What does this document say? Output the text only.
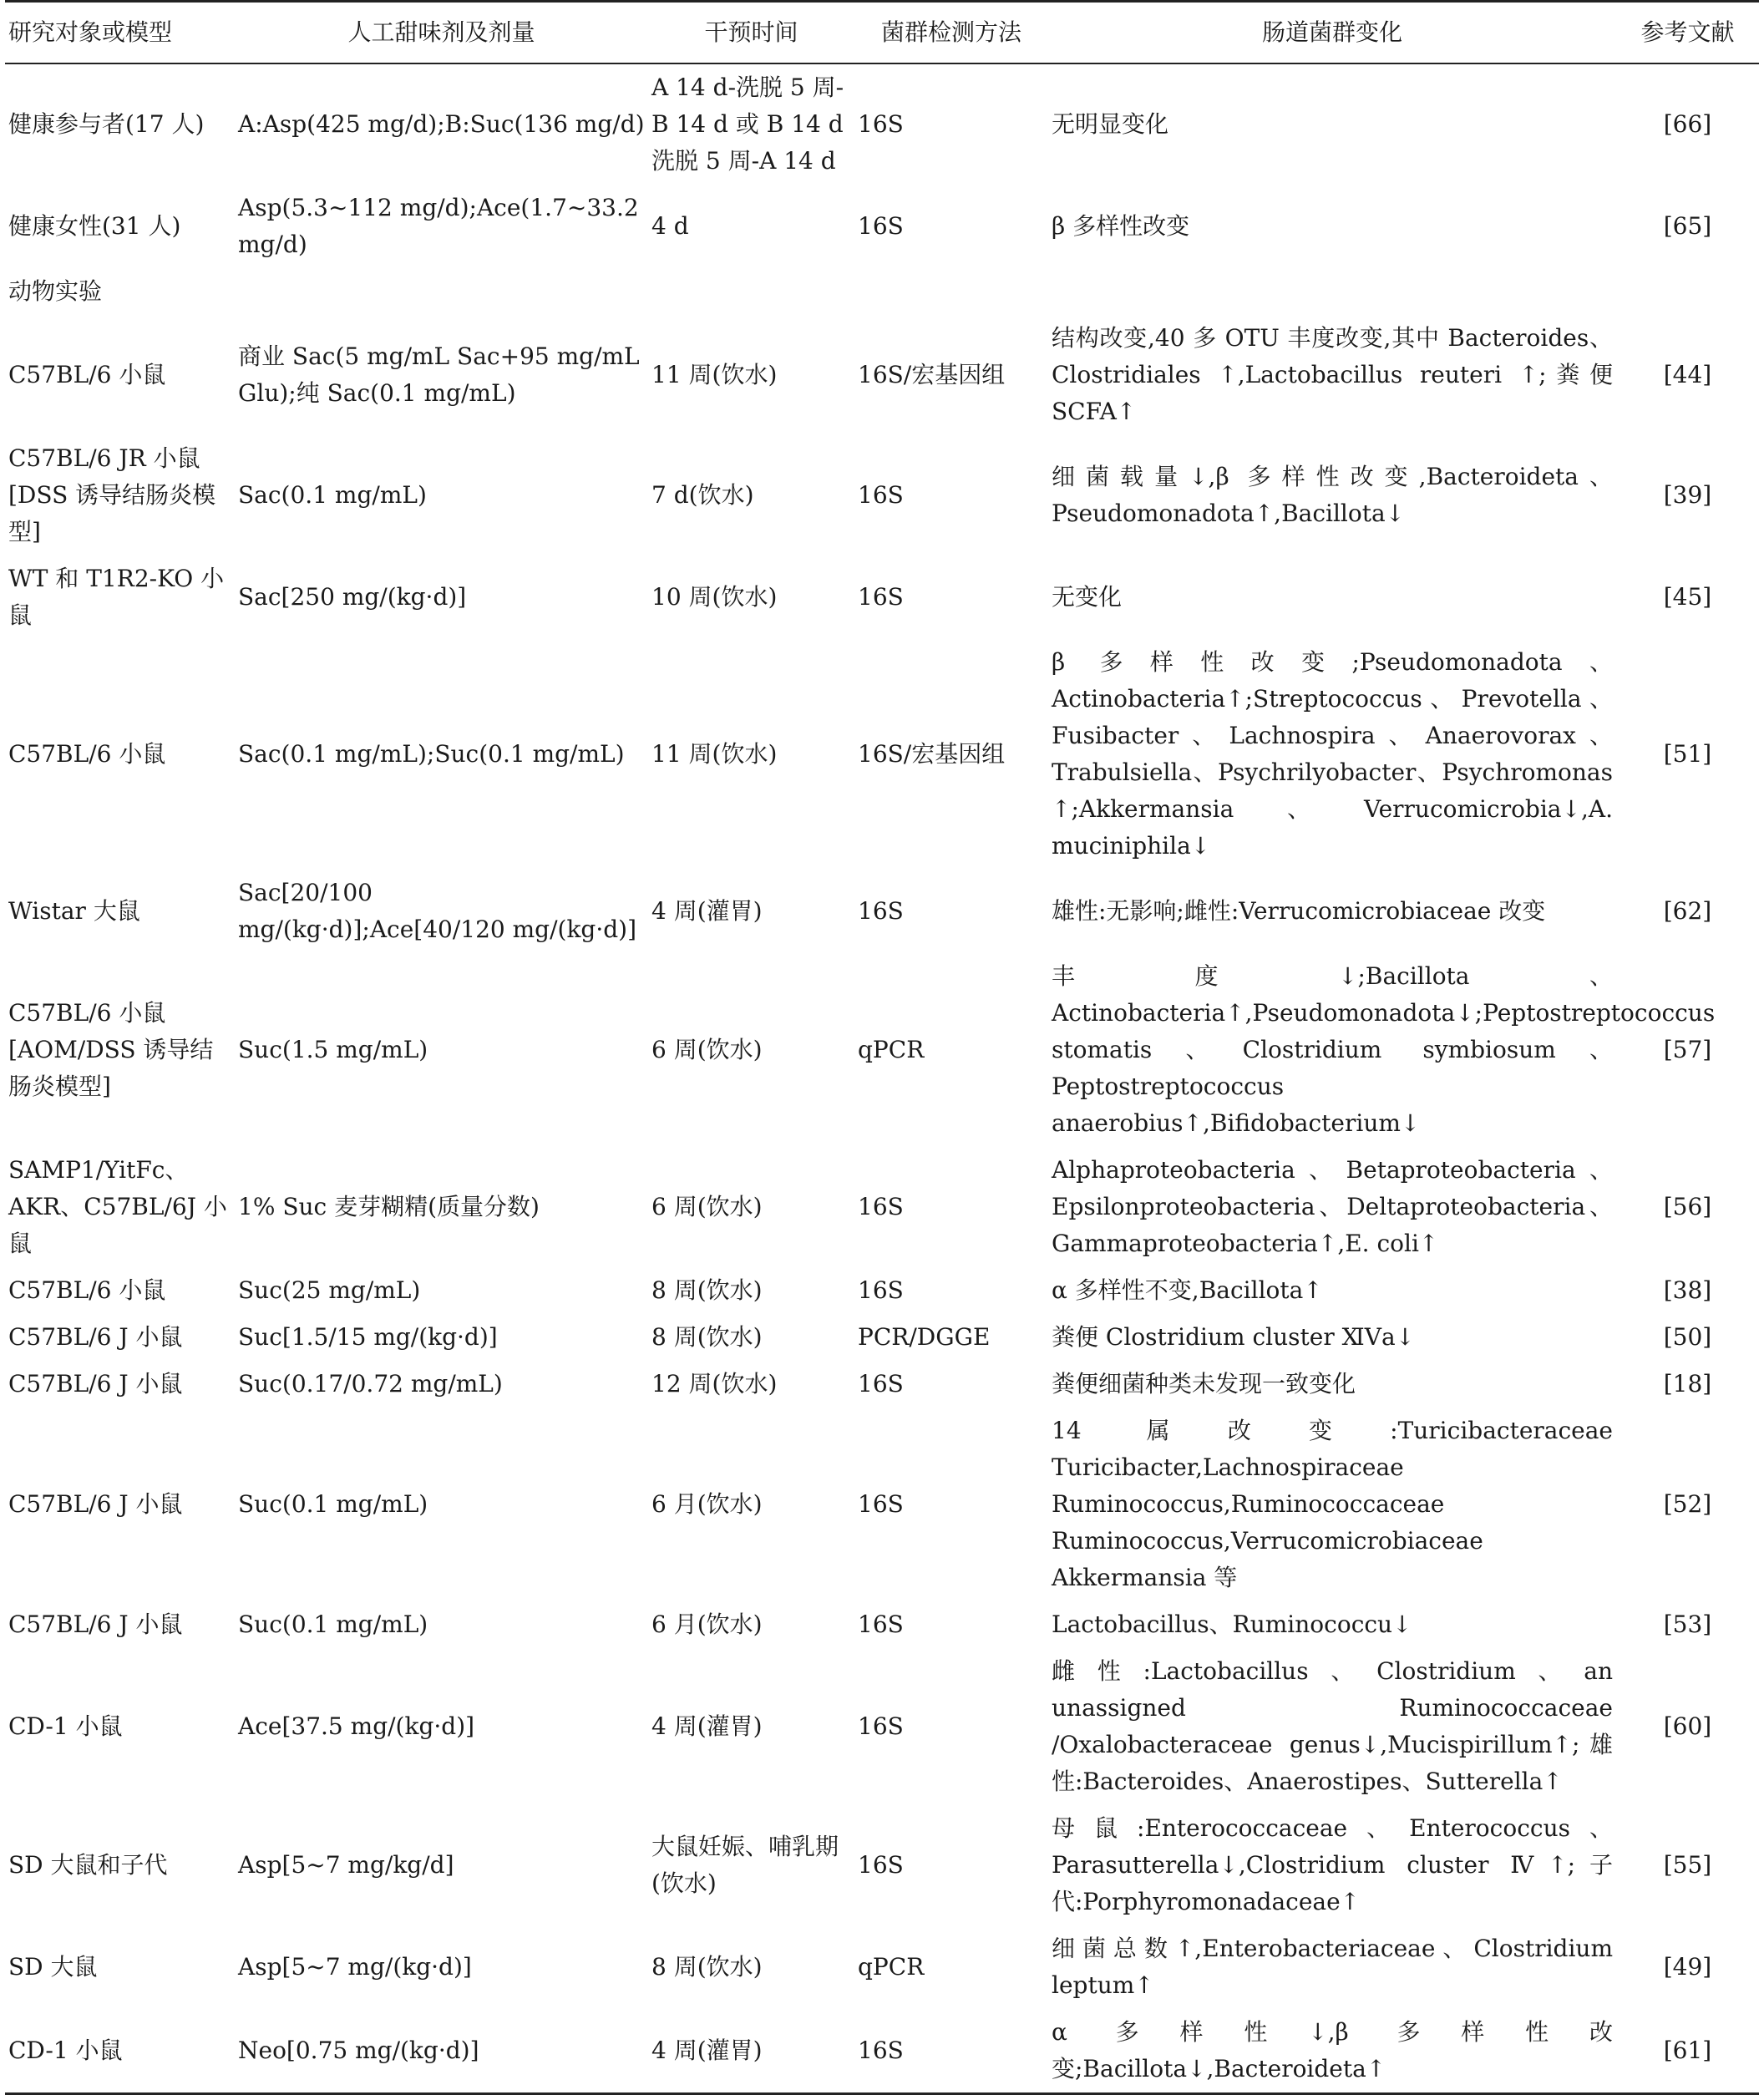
研究对象或模型	人工甜味剂及剂量	干预时间	菌群检测方法	肠道菌群变化	参考文献
健康参与者(17 人)	A:Asp(425 mg/d);B:Suc(136 mg/d)	A 14 d-洗脱 5 周-B 14 d 或 B 14 d 洗脱 5 周-A 14 d	16S	无明显变化	[66]
健康女性(31 人)	Asp(5.3~112 mg/d);Ace(1.7~33.2 mg/d)	4 d	16S	β 多样性改变	[65]
动物实验					
C57BL/6 小鼠	商业 Sac(5 mg/mL Sac+95 mg/mL Glu);纯 Sac(0.1 mg/mL)	11 周(饮水)	16S/宏基因组	结构改变,40 多 OTU 丰度改变,其中 Bacteroides、Clostridiales ↑,Lactobacillus reuteri ↑;粪便 SCFA↑	[44]
C57BL/6 JR 小鼠[DSS 诱导结肠炎模型]	Sac(0.1 mg/mL)	7 d(饮水)	16S	细菌载量↓,β 多样性改变,Bacteroideta、Pseudomonadota↑,Bacillota↓	[39]
WT 和 T1R2-KO 小鼠	Sac[250 mg/(kg·d)]	10 周(饮水)	16S	无变化	[45]
C57BL/6 小鼠	Sac(0.1 mg/mL);Suc(0.1 mg/mL)	11 周(饮水)	16S/宏基因组	β 多样性改变;Pseudomonadota、Actinobacteria↑;Streptococcus、Prevotella、Fusibacter、Lachnospira、Anaerovorax、Trabulsiella、Psychrilyobacter、Psychromonas ↑;Akkermansia、Verrucomicrobia↓,A. muciniphila↓	[51]
Wistar 大鼠	Sac[20/100 mg/(kg·d)];Ace[40/120 mg/(kg·d)]	4 周(灌胃)	16S	雄性:无影响;雌性:Verrucomicrobiaceae 改变	[62]
C57BL/6 小鼠[AOM/DSS 诱导结肠炎模型]	Suc(1.5 mg/mL)	6 周(饮水)	qPCR	丰度↓;Bacillota、Actinobacteria↑,Pseudomonadota↓;Peptostreptococcus stomatis、Clostridium symbiosum、Peptostreptococcus anaerobius↑,Bifidobacterium↓	[57]
SAMP1/YitFc、AKR、C57BL/6J 小鼠	1% Suc 麦芽糊精(质量分数)	6 周(饮水)	16S	Alphaproteobacteria、Betaproteobacteria、Epsilonproteobacteria、Deltaproteobacteria、Gammaproteobacteria↑,E. coli↑	[56]
C57BL/6 小鼠	Suc(25 mg/mL)	8 周(饮水)	16S	α 多样性不变,Bacillota↑	[38]
C57BL/6 J 小鼠	Suc[1.5/15 mg/(kg·d)]	8 周(饮水)	PCR/DGGE	粪便 Clostridium cluster ⅪⅤa↓	[50]
C57BL/6 J 小鼠	Suc(0.17/0.72 mg/mL)	12 周(饮水)	16S	粪便细菌种类未发现一致变化	[18]
C57BL/6 J 小鼠	Suc(0.1 mg/mL)	6 月(饮水)	16S	14 属改变:Turicibacteraceae Turicibacter,Lachnospiraceae Ruminococcus,Ruminococcaceae Ruminococcus,Verrucomicrobiaceae Akkermansia 等	[52]
C57BL/6 J 小鼠	Suc(0.1 mg/mL)	6 月(饮水)	16S	Lactobacillus、Ruminococcu↓	[53]
CD-1 小鼠	Ace[37.5 mg/(kg·d)]	4 周(灌胃)	16S	雌性:Lactobacillus、Clostridium、an unassigned Ruminococcaceae /Oxalobacteraceae genus↓,Mucispirillum↑;雄性:Bacteroides、Anaerostipes、Sutterella↑	[60]
SD 大鼠和子代	Asp[5~7 mg/kg/d]	大鼠妊娠、哺乳期(饮水)	16S	母鼠:Enterococcaceae、Enterococcus、Parasutterella↓,Clostridium cluster Ⅳ↑;子代:Porphyromonadaceae↑	[55]
SD 大鼠	Asp[5~7 mg/(kg·d)]	8 周(饮水)	qPCR	细菌总数↑,Enterobacteriaceae、Clostridium leptum↑	[49]
CD-1 小鼠	Neo[0.75 mg/(kg·d)]	4 周(灌胃)	16S	α 多样性↓,β 多样性改变;Bacillota↓,Bacteroideta↑	[61]
